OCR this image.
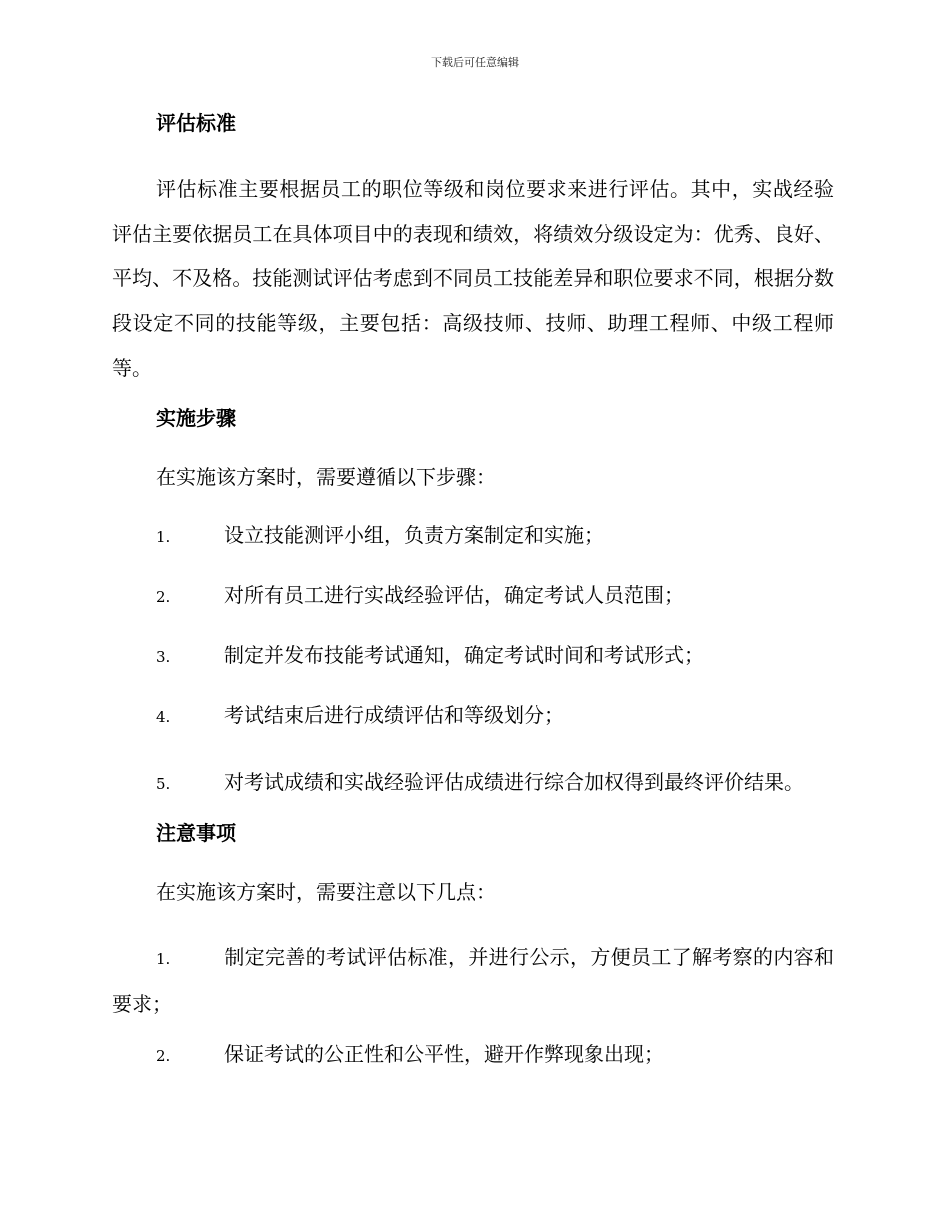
下载后可任意编辑
评估标准

评估标准主要根据员工的职位等级和岗位要求来进行评估。其中，实战经验评估主要依据员工在具体项目中的表现和绩效，将绩效分级设定为：优秀、良好、平均、不及格。技能测试评估考虑到不同员工技能差异和职位要求不同，根据分数段设定不同的技能等级，主要包括：高级技师、技师、助理工程师、中级工程师等。

实施步骤

在实施该方案时，需要遵循以下步骤：

1.	设立技能测评小组，负责方案制定和实施；
2.	对所有员工进行实战经验评估，确定考试人员范围；
3.	制定并发布技能考试通知，确定考试时间和考试形式；
4.	考试结束后进行成绩评估和等级划分；
5.	对考试成绩和实战经验评估成绩进行综合加权得到最终评价结果。
注意事项

在实施该方案时，需要注意以下几点：

1.	制定完善的考试评估标准，并进行公示，方便员工了解考察的内容和要求；
2.	保证考试的公正性和公平性，避开作弊现象出现；
